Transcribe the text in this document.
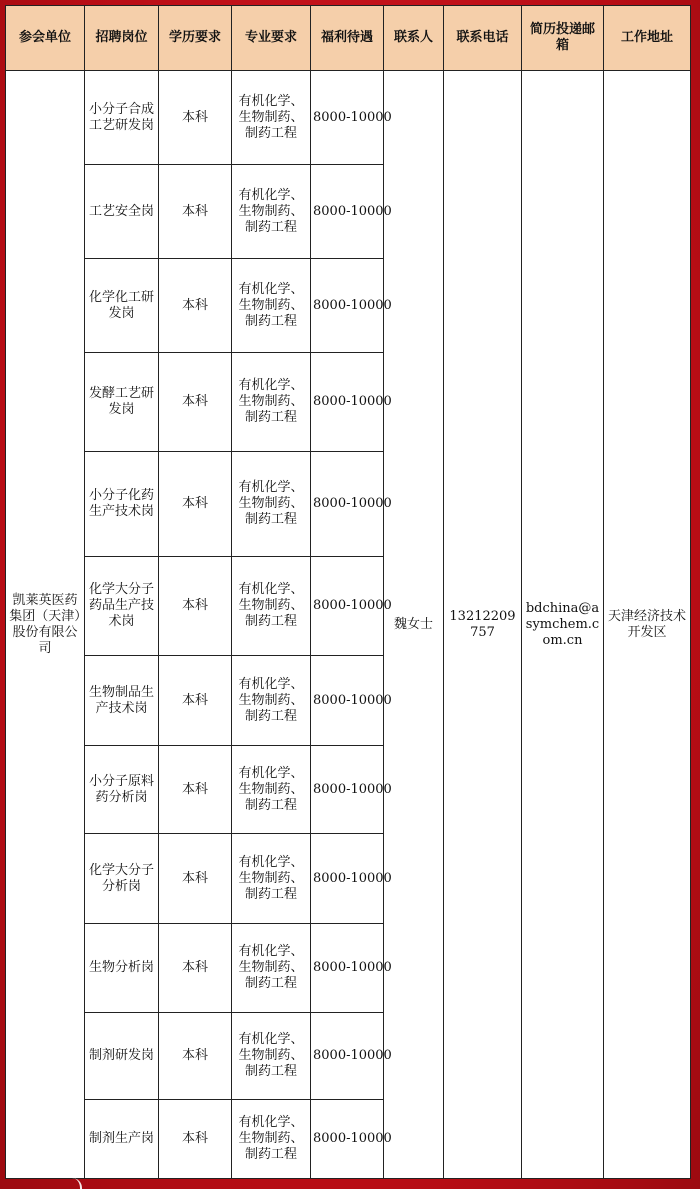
参会单位	招聘岗位	学历要求	专业要求	福利待遇	联系人	联系电话	简历投递邮箱	工作地址
凯莱英医药集团（天津）股份有限公司	小分子合成工艺研发岗	本科	有机化学、生物制药、制药工程	8000-10000	魏女士	13212209757	bdchina@asymchem.com.cn	天津经济技术开发区
	工艺安全岗	本科	有机化学、生物制药、制药工程	8000-10000				
	化学化工研发岗	本科	有机化学、生物制药、制药工程	8000-10000				
	发酵工艺研发岗	本科	有机化学、生物制药、制药工程	8000-10000				
	小分子化药生产技术岗	本科	有机化学、生物制药、制药工程	8000-10000				
	化学大分子药品生产技术岗	本科	有机化学、生物制药、制药工程	8000-10000				
	生物制品生产技术岗	本科	有机化学、生物制药、制药工程	8000-10000				
	小分子原料药分析岗	本科	有机化学、生物制药、制药工程	8000-10000				
	化学大分子分析岗	本科	有机化学、生物制药、制药工程	8000-10000				
	生物分析岗	本科	有机化学、生物制药、制药工程	8000-10000				
	制剂研发岗	本科	有机化学、生物制药、制药工程	8000-10000				
	制剂生产岗	本科	有机化学、生物制药、制药工程	8000-10000				
